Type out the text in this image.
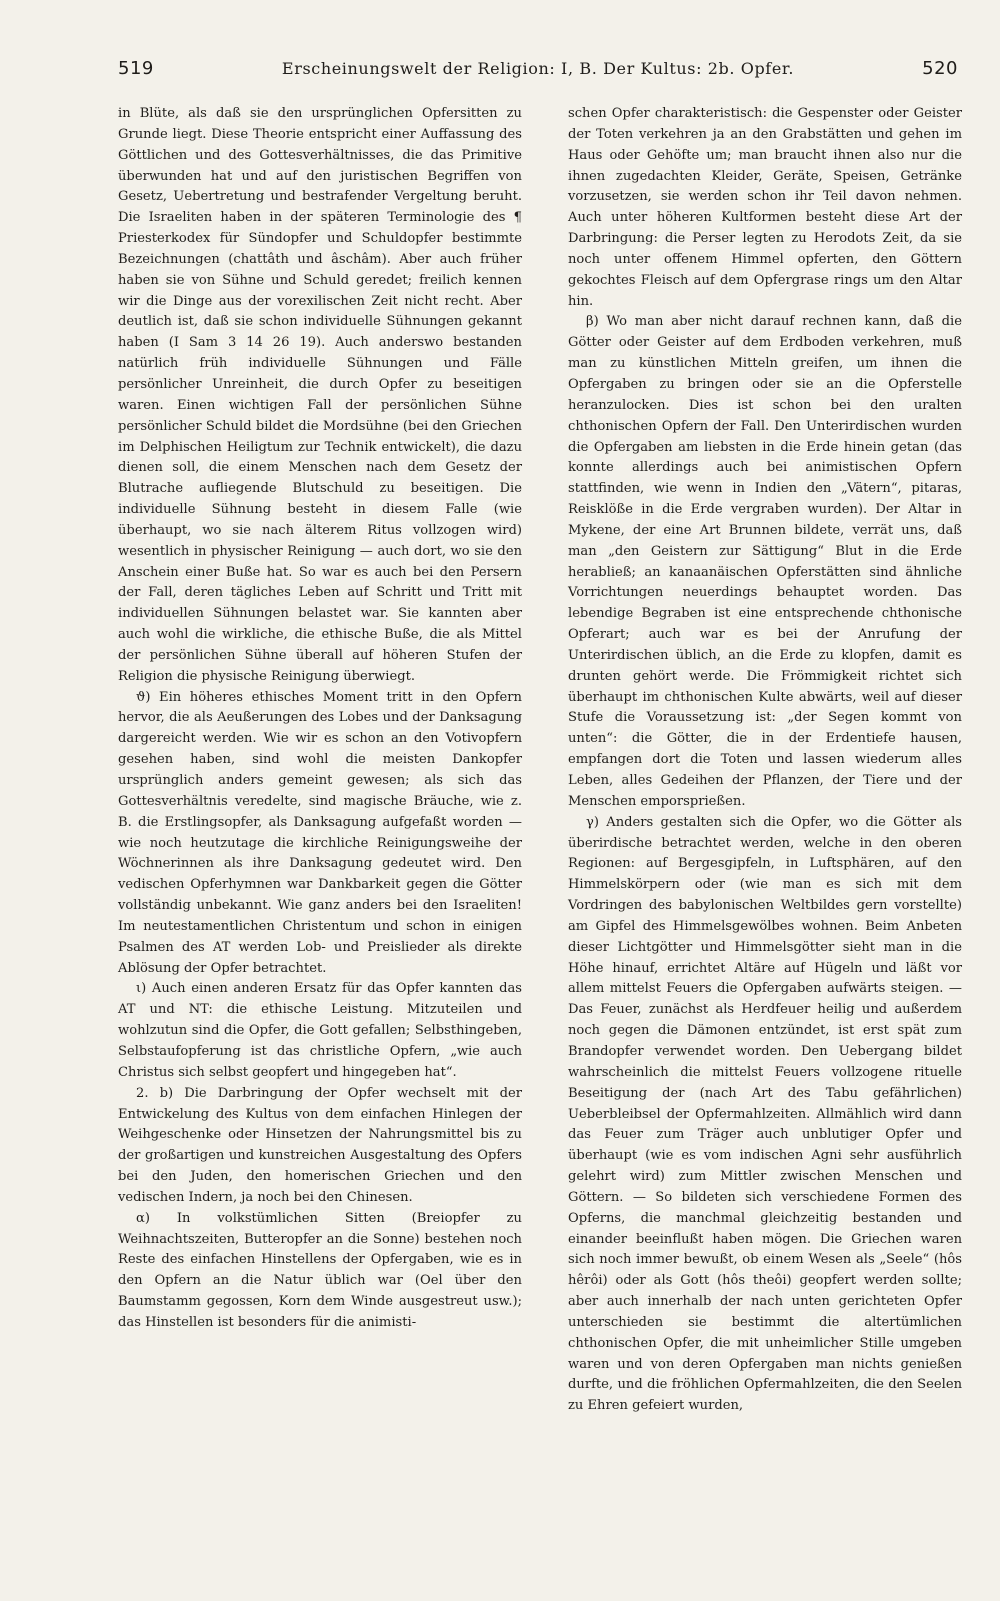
519	Erscheinungswelt der Religion: I, B. Der Kultus: 2b. Opfer.	520

in Blüte, als daß sie den ursprünglichen Opfersitten zu Grunde liegt. Diese Theorie entspricht einer Auffassung des Göttlichen und des Gottesverhältnisses, die das Primitive überwunden hat und auf den juristischen Begriffen von Gesetz, Uebertretung und bestrafender Vergeltung beruht. Die Israeliten haben in der späteren Terminologie des ¶ Priesterkodex für Sündopfer und Schuldopfer bestimmte Bezeichnungen (chattâth und âschâm). Aber auch früher haben sie von Sühne und Schuld geredet; freilich kennen wir die Dinge aus der vorexilischen Zeit nicht recht. Aber deutlich ist, daß sie schon individuelle Sühnungen gekannt haben (I Sam 3 14 26 19). Auch anderswo bestanden natürlich früh individuelle Sühnungen und Fälle persönlicher Unreinheit, die durch Opfer zu beseitigen waren. Einen wichtigen Fall der persönlichen Sühne persönlicher Schuld bildet die Mordsühne (bei den Griechen im Delphischen Heiligtum zur Technik entwickelt), die dazu dienen soll, die einem Menschen nach dem Gesetz der Blutrache aufliegende Blutschuld zu beseitigen. Die individuelle Sühnung besteht in diesem Falle (wie überhaupt, wo sie nach älterem Ritus vollzogen wird) wesentlich in physischer Reinigung — auch dort, wo sie den Anschein einer Buße hat. So war es auch bei den Persern der Fall, deren tägliches Leben auf Schritt und Tritt mit individuellen Sühnungen belastet war. Sie kannten aber auch wohl die wirkliche, die ethische Buße, die als Mittel der persönlichen Sühne überall auf höheren Stufen der Religion die physische Reinigung überwiegt.

ϑ) Ein höheres ethisches Moment tritt in den Opfern hervor, die als Aeußerungen des Lobes und der Danksagung dargereicht werden. Wie wir es schon an den Votivopfern gesehen haben, sind wohl die meisten Dankopfer ursprünglich anders gemeint gewesen; als sich das Gottesverhältnis veredelte, sind magische Bräuche, wie z. B. die Erstlingsopfer, als Danksagung aufgefaßt worden — wie noch heutzutage die kirchliche Reinigungsweihe der Wöchnerinnen als ihre Danksagung gedeutet wird. Den vedischen Opferhymnen war Dankbarkeit gegen die Götter vollständig unbekannt. Wie ganz anders bei den Israeliten! Im neutestamentlichen Christentum und schon in einigen Psalmen des AT werden Lob- und Preislieder als direkte Ablösung der Opfer betrachtet.

ι) Auch einen anderen Ersatz für das Opfer kannten das AT und NT: die ethische Leistung. Mitzuteilen und wohlzutun sind die Opfer, die Gott gefallen; Selbsthingeben, Selbstaufopferung ist das christliche Opfern, „wie auch Christus sich selbst geopfert und hingegeben hat“.

2. b) Die Darbringung der Opfer wechselt mit der Entwickelung des Kultus von dem einfachen Hinlegen der Weihgeschenke oder Hinsetzen der Nahrungsmittel bis zu der großartigen und kunstreichen Ausgestaltung des Opfers bei den Juden, den homerischen Griechen und den vedischen Indern, ja noch bei den Chinesen.

α) In volkstümlichen Sitten (Breiopfer zu Weihnachtszeiten, Butteropfer an die Sonne) bestehen noch Reste des einfachen Hinstellens der Opfergaben, wie es in den Opfern an die Natur üblich war (Oel über den Baumstamm gegossen, Korn dem Winde ausgestreut usw.); das Hinstellen ist besonders für die animisti-

schen Opfer charakteristisch: die Gespenster oder Geister der Toten verkehren ja an den Grabstätten und gehen im Haus oder Gehöfte um; man braucht ihnen also nur die ihnen zugedachten Kleider, Geräte, Speisen, Getränke vorzusetzen, sie werden schon ihr Teil davon nehmen. Auch unter höheren Kultformen besteht diese Art der Darbringung: die Perser legten zu Herodots Zeit, da sie noch unter offenem Himmel opferten, den Göttern gekochtes Fleisch auf dem Opfergrase rings um den Altar hin.

β) Wo man aber nicht darauf rechnen kann, daß die Götter oder Geister auf dem Erdboden verkehren, muß man zu künstlichen Mitteln greifen, um ihnen die Opfergaben zu bringen oder sie an die Opferstelle heranzulocken. Dies ist schon bei den uralten chthonischen Opfern der Fall. Den Unterirdischen wurden die Opfergaben am liebsten in die Erde hinein getan (das konnte allerdings auch bei animistischen Opfern stattfinden, wie wenn in Indien den „Vätern“, pitaras, Reisklöße in die Erde vergraben wurden). Der Altar in Mykene, der eine Art Brunnen bildete, verrät uns, daß man „den Geistern zur Sättigung“ Blut in die Erde herabließ; an kanaanäischen Opferstätten sind ähnliche Vorrichtungen neuerdings behauptet worden. Das lebendige Begraben ist eine entsprechende chthonische Opferart; auch war es bei der Anrufung der Unterirdischen üblich, an die Erde zu klopfen, damit es drunten gehört werde. Die Frömmigkeit richtet sich überhaupt im chthonischen Kulte abwärts, weil auf dieser Stufe die Voraussetzung ist: „der Segen kommt von unten“: die Götter, die in der Erdentiefe hausen, empfangen dort die Toten und lassen wiederum alles Leben, alles Gedeihen der Pflanzen, der Tiere und der Menschen emporsprießen.

γ) Anders gestalten sich die Opfer, wo die Götter als überirdische betrachtet werden, welche in den oberen Regionen: auf Bergesgipfeln, in Luftsphären, auf den Himmelskörpern oder (wie man es sich mit dem Vordringen des babylonischen Weltbildes gern vorstellte) am Gipfel des Himmelsgewölbes wohnen. Beim Anbeten dieser Lichtgötter und Himmelsgötter sieht man in die Höhe hinauf, errichtet Altäre auf Hügeln und läßt vor allem mittelst Feuers die Opfergaben aufwärts steigen. — Das Feuer, zunächst als Herdfeuer heilig und außerdem noch gegen die Dämonen entzündet, ist erst spät zum Brandopfer verwendet worden. Den Uebergang bildet wahrscheinlich die mittelst Feuers vollzogene rituelle Beseitigung der (nach Art des Tabu gefährlichen) Ueberbleibsel der Opfermahlzeiten. Allmählich wird dann das Feuer zum Träger auch unblutiger Opfer und überhaupt (wie es vom indischen Agni sehr ausführlich gelehrt wird) zum Mittler zwischen Menschen und Göttern. — So bildeten sich verschiedene Formen des Opferns, die manchmal gleichzeitig bestanden und einander beeinflußt haben mögen. Die Griechen waren sich noch immer bewußt, ob einem Wesen als „Seele“ (hôs hêrôi) oder als Gott (hôs theôi) geopfert werden sollte; aber auch innerhalb der nach unten gerichteten Opfer unterschieden sie bestimmt die altertümlichen chthonischen Opfer, die mit unheimlicher Stille umgeben waren und von deren Opfergaben man nichts genießen durfte, und die fröhlichen Opfermahlzeiten, die den Seelen zu Ehren gefeiert wurden,
